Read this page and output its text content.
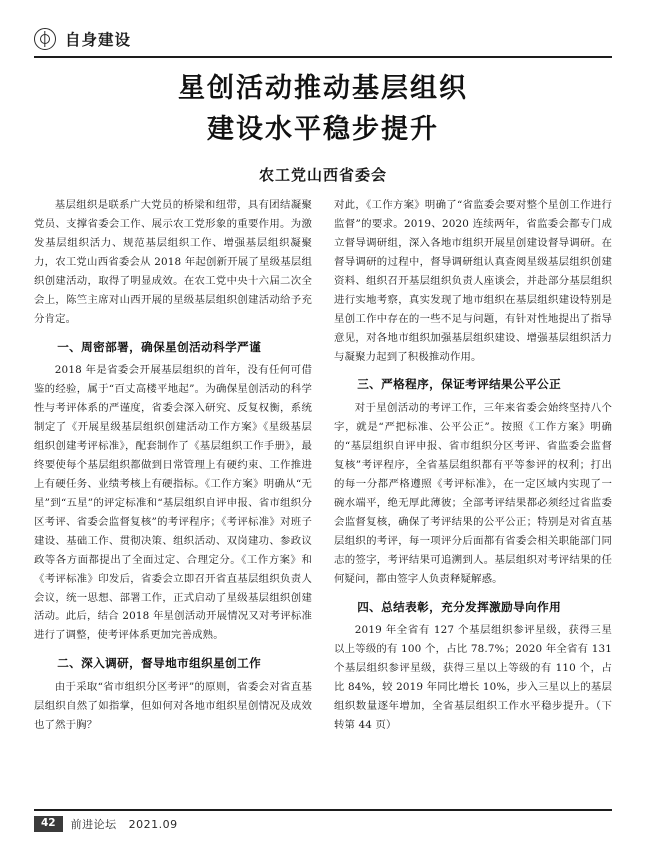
自身建设
星创活动推动基层组织
建设水平稳步提升
农工党山西省委会

基层组织是联系广大党员的桥梁和纽带，具有团结凝聚党员、支撑省委会工作、展示农工党形象的重要作用。为激发基层组织活力、规范基层组织工作、增强基层组织凝聚力，农工党山西省委会从 2018 年起创新开展了星级基层组织创建活动，取得了明显成效。在农工党中央十六届二次全会上，陈竺主席对山西开展的星级基层组织创建活动给予充分肯定。

一、周密部署，确保星创活动科学严谨

2018 年是省委会开展基层组织的首年，没有任何可借鉴的经验，属于“百丈高楼平地起”。为确保星创活动的科学性与考评体系的严谨度，省委会深入研究、反复权衡，系统制定了《开展星级基层组织创建活动工作方案》《星级基层组织创建考评标准》，配套制作了《基层组织工作手册》，最终要使每个基层组织都做到日常管理上有硬约束、工作推进上有硬任务、业绩考核上有硬指标。《工作方案》明确从“无星”到“五星”的评定标准和“基层组织自评申报、省市组织分区考评、省委会监督复核”的考评程序；《考评标准》对班子建设、基础工作、贯彻决策、组织活动、双岗建功、参政议政等各方面都提出了全面过定、合理定分。《工作方案》和《考评标准》印发后，省委会立即召开省直基层组织负责人会议，统一思想、部署工作，正式启动了星级基层组织创建活动。此后，结合 2018 年星创活动开展情况又对考评标准进行了调整，使考评体系更加完善成熟。

二、深入调研，督导地市组织星创工作

由于采取“省市组织分区考评”的原则，省委会对省直基层组织自然了如指掌，但如何对各地市组织星创情况及成效也了然于胸？

对此，《工作方案》明确了“省监委会要对整个星创工作进行监督”的要求。2019、2020 连续两年，省监委会都专门成立督导调研组，深入各地市组织开展星创建设督导调研。在督导调研的过程中，督导调研组认真查阅星级基层组织创建资料、组织召开基层组织负责人座谈会，并赴部分基层组织进行实地考察，真实发现了地市组织在基层组织建设特别是星创工作中存在的一些不足与问题，有针对性地提出了指导意见，对各地市组织加强基层组织建设、增强基层组织活力与凝聚力起到了积极推动作用。

三、严格程序，保证考评结果公平公正

对于星创活动的考评工作，三年来省委会始终坚持八个字，就是“严把标准、公平公正”。按照《工作方案》明确的“基层组织自评申报、省市组织分区考评、省监委会监督复核”考评程序，全省基层组织都有平等参评的权利；打出的每一分都严格遵照《考评标准》，在一定区域内实现了一碗水端平，绝无厚此薄彼；全部考评结果都必须经过省监委会监督复核，确保了考评结果的公平公正；特别是对省直基层组织的考评，每一项评分后面都有省委会相关职能部门同志的签字，考评结果可追溯到人。基层组织对考评结果的任何疑问，都由签字人负责释疑解惑。

四、总结表彰，充分发挥激励导向作用

2019 年全省有 127 个基层组织参评星级，获得三星以上等级的有 100 个，占比 78.7%；2020 年全省有 131 个基层组织参评星级，获得三星以上等级的有 110 个，占比 84%，较 2019 年同比增长 10%，步入三星以上的基层组织数量逐年增加，全省基层组织工作水平稳步提升。（下转第 44 页）

42	前进论坛 2021.09
